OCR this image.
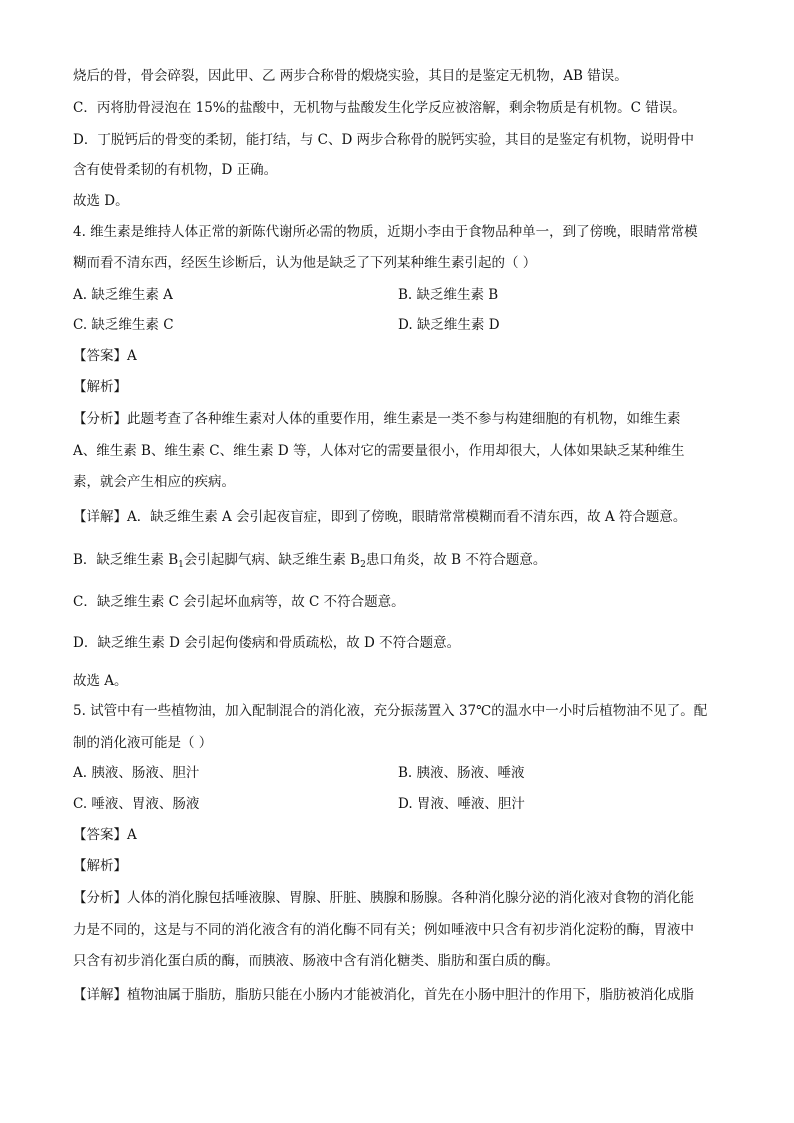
烧后的骨，骨会碎裂，因此甲、乙 两步合称骨的煅烧实验，其目的是鉴定无机物，AB 错误。
C．丙将肋骨浸泡在 15%的盐酸中，无机物与盐酸发生化学反应被溶解，剩余物质是有机物。C 错误。
D．丁脱钙后的骨变的柔韧，能打结，与 C、D 两步合称骨的脱钙实验，其目的是鉴定有机物，说明骨中
含有使骨柔韧的有机物，D 正确。
故选 D。
4. 维生素是维持人体正常的新陈代谢所必需的物质，近期小李由于食物品种单一，到了傍晚，眼睛常常模
糊而看不清东西，经医生诊断后，认为他是缺乏了下列某种维生素引起的（ ）
A. 缺乏维生素 A	B. 缺乏维生素 B
C. 缺乏维生素 C	D. 缺乏维生素 D
【答案】A
【解析】
【分析】此题考查了各种维生素对人体的重要作用，维生素是一类不参与构建细胞的有机物，如维生素
A、维生素 B、维生素 C、维生素 D 等，人体对它的需要量很小，作用却很大，人体如果缺乏某种维生
素，就会产生相应的疾病。
【详解】A．缺乏维生素 A 会引起夜盲症，即到了傍晚，眼睛常常模糊而看不清东西，故 A 符合题意。
B．缺乏维生素 $B_1$会引起脚气病、缺乏维生素 $B_2$患口角炎，故 B 不符合题意。
C．缺乏维生素 C 会引起坏血病等，故 C 不符合题意。
D．缺乏维生素 D 会引起佝偻病和骨质疏松，故 D 不符合题意。
故选 A。
5. 试管中有一些植物油，加入配制混合的消化液，充分振荡置入 37℃的温水中一小时后植物油不见了。配
制的消化液可能是（ ）
A. 胰液、肠液、胆汁	B. 胰液、肠液、唾液
C. 唾液、胃液、肠液	D. 胃液、唾液、胆汁
【答案】A
【解析】
【分析】人体的消化腺包括唾液腺、胃腺、肝脏、胰腺和肠腺。各种消化腺分泌的消化液对食物的消化能
力是不同的，这是与不同的消化液含有的消化酶不同有关；例如唾液中只含有初步消化淀粉的酶，胃液中
只含有初步消化蛋白质的酶，而胰液、肠液中含有消化糖类、脂肪和蛋白质的酶。
【详解】植物油属于脂肪，脂肪只能在小肠内才能被消化，首先在小肠中胆汁的作用下，脂肪被消化成脂
